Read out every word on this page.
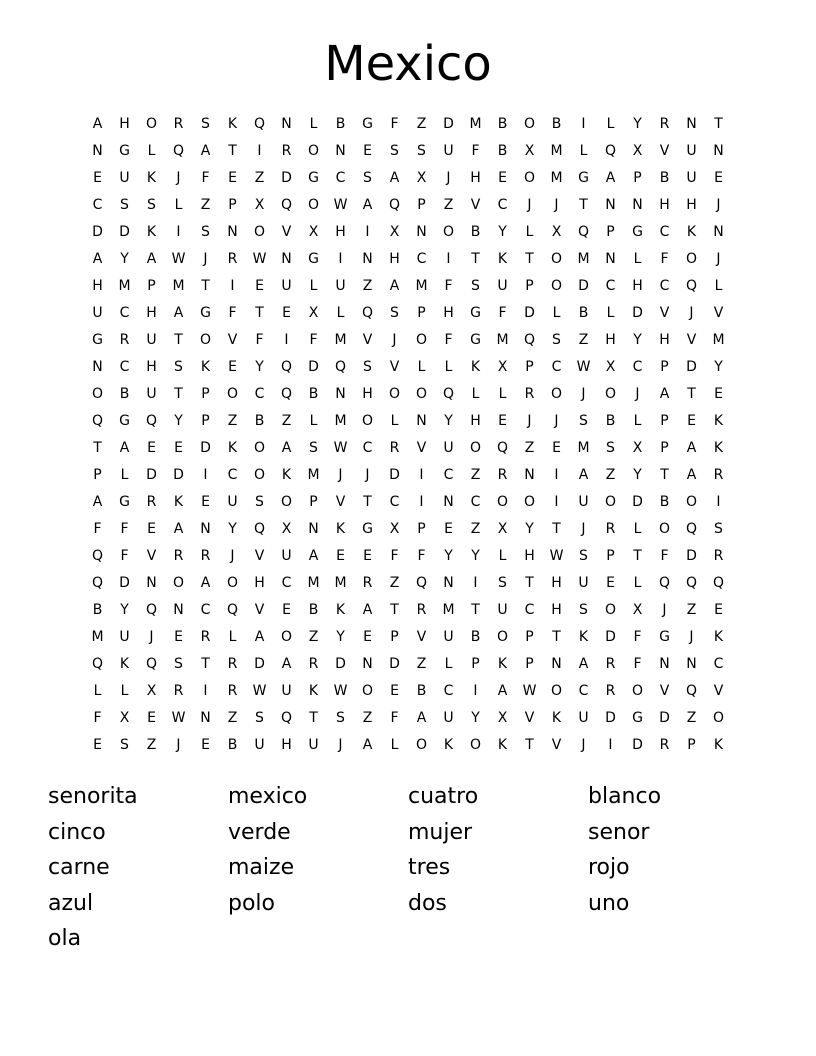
Mexico
A	H	O	R	S	K	Q	N	L	B	G	F	Z	D	M	B	O	B	I	L	Y	R	N	T
N	G	L	Q	A	T	I	R	O	N	E	S	S	U	F	B	X	M	L	Q	X	V	U	N
E	U	K	J	F	E	Z	D	G	C	S	A	X	J	H	E	O	M	G	A	P	B	U	E
C	S	S	L	Z	P	X	Q	O	W	A	Q	P	Z	V	C	J	J	T	N	N	H	H	J
D	D	K	I	S	N	O	V	X	H	I	X	N	O	B	Y	L	X	Q	P	G	C	K	N
A	Y	A	W	J	R	W	N	G	I	N	H	C	I	T	K	T	O	M	N	L	F	O	J
H	M	P	M	T	I	E	U	L	U	Z	A	M	F	S	U	P	O	D	C	H	C	Q	L
U	C	H	A	G	F	T	E	X	L	Q	S	P	H	G	F	D	L	B	L	D	V	J	V
G	R	U	T	O	V	F	I	F	M	V	J	O	F	G	M	Q	S	Z	H	Y	H	V	M
N	C	H	S	K	E	Y	Q	D	Q	S	V	L	L	K	X	P	C	W	X	C	P	D	Y
O	B	U	T	P	O	C	Q	B	N	H	O	O	Q	L	L	R	O	J	O	J	A	T	E
Q	G	Q	Y	P	Z	B	Z	L	M	O	L	N	Y	H	E	J	J	S	B	L	P	E	K
T	A	E	E	D	K	O	A	S	W	C	R	V	U	O	Q	Z	E	M	S	X	P	A	K
P	L	D	D	I	C	O	K	M	J	J	D	I	C	Z	R	N	I	A	Z	Y	T	A	R
A	G	R	K	E	U	S	O	P	V	T	C	I	N	C	O	O	I	U	O	D	B	O	I
F	F	E	A	N	Y	Q	X	N	K	G	X	P	E	Z	X	Y	T	J	R	L	O	Q	S
Q	F	V	R	R	J	V	U	A	E	E	F	F	Y	Y	L	H	W	S	P	T	F	D	R
Q	D	N	O	A	O	H	C	M	M	R	Z	Q	N	I	S	T	H	U	E	L	Q	Q	Q
B	Y	Q	N	C	Q	V	E	B	K	A	T	R	M	T	U	C	H	S	O	X	J	Z	E
M	U	J	E	R	L	A	O	Z	Y	E	P	V	U	B	O	P	T	K	D	F	G	J	K
Q	K	Q	S	T	R	D	A	R	D	N	D	Z	L	P	K	P	N	A	R	F	N	N	C
L	L	X	R	I	R	W	U	K	W	O	E	B	C	I	A	W	O	C	R	O	V	Q	V
F	X	E	W	N	Z	S	Q	T	S	Z	F	A	U	Y	X	V	K	U	D	G	D	Z	O
E	S	Z	J	E	B	U	H	U	J	A	L	O	K	O	K	T	V	J	I	D	R	P	K
senorita	mexico	cuatro	blanco
cinco	verde	mujer	senor
carne	maize	tres	rojo
azul	polo	dos	uno
ola
